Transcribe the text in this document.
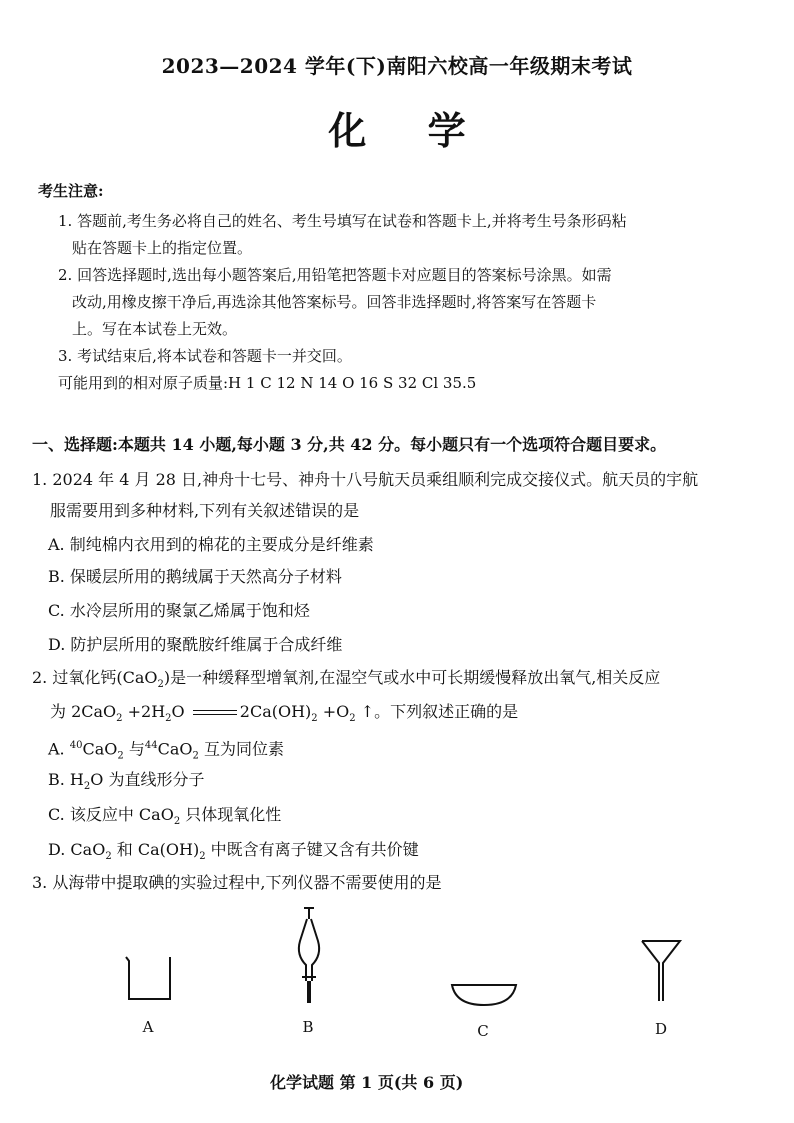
2023—2024 学年(下)南阳六校高一年级期末考试
化 学
考生注意:
1. 答题前,考生务必将自己的姓名、考生号填写在试卷和答题卡上,并将考生号条形码粘
贴在答题卡上的指定位置。
2. 回答选择题时,选出每小题答案后,用铅笔把答题卡对应题目的答案标号涂黑。如需
改动,用橡皮擦干净后,再选涂其他答案标号。回答非选择题时,将答案写在答题卡
上。写在本试卷上无效。
3. 考试结束后,将本试卷和答题卡一并交回。
可能用到的相对原子质量:H 1 C 12 N 14 O 16 S 32 Cl 35.5
一、选择题:本题共 14 小题,每小题 3 分,共 42 分。每小题只有一个选项符合题目要求。
1. 2024 年 4 月 28 日,神舟十七号、神舟十八号航天员乘组顺利完成交接仪式。航天员的宇航
服需要用到多种材料,下列有关叙述错误的是
A. 制纯棉内衣用到的棉花的主要成分是纤维素
B. 保暖层所用的鹅绒属于天然高分子材料
C. 水冷层所用的聚氯乙烯属于饱和烃
D. 防护层所用的聚酰胺纤维属于合成纤维
2. 过氧化钙(CaO$_2$)是一种缓释型增氧剂,在湿空气或水中可长期缓慢释放出氧气,相关反应
为 $2CaO_2 +2H_2O$	$2Ca(OH)_2 +O_2$ ↑。下列叙述正确的是
A. $^{40}$CaO$_2$ 与$^{44}$CaO$_2$ 互为同位素
B. $H_2O$ 为直线形分子
C. 该反应中 CaO$_2$ 只体现氧化性
D. CaO$_2$ 和 $Ca(OH)_2$ 中既含有离子键又含有共价键
3. 从海带中提取碘的实验过程中,下列仪器不需要使用的是
A	B	C	D
化学试题 第 1 页(共 6 页)
